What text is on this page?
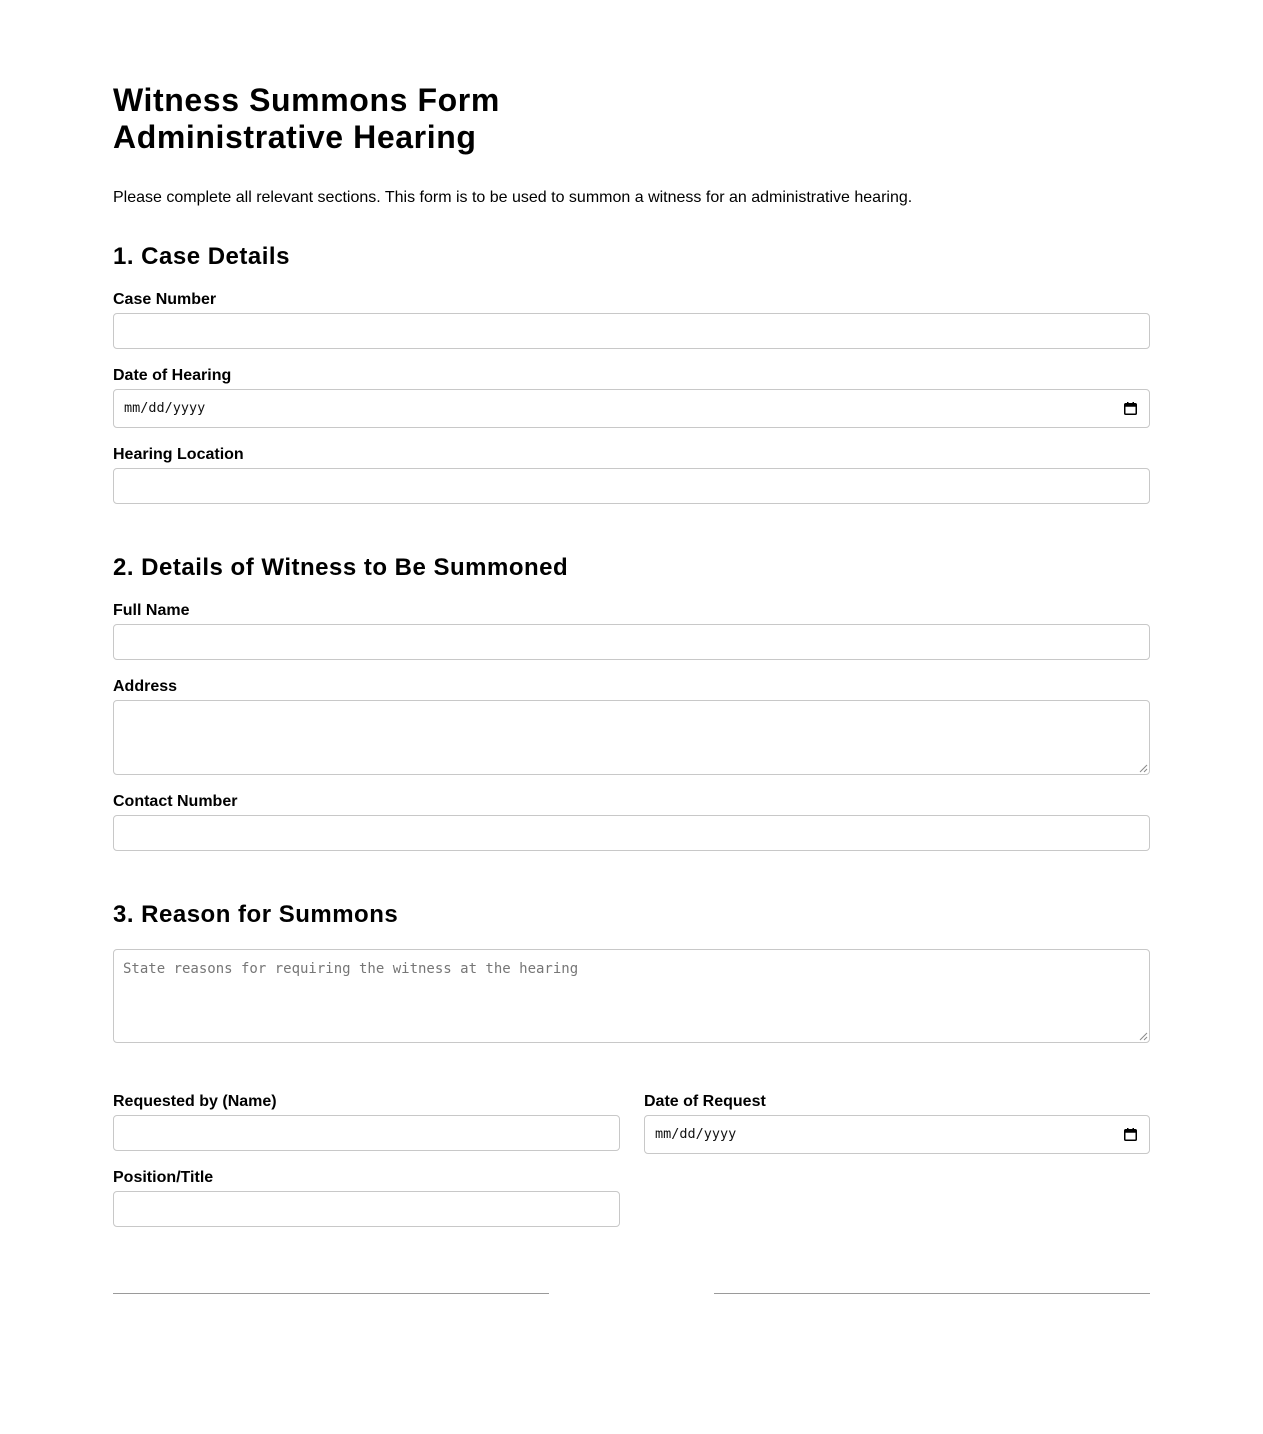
Witness Summons Form
Administrative Hearing

Please complete all relevant sections. This form is to be used to summon a witness for an administrative hearing.

1. Case Details
Case Number
Date of Hearing
mm/dd/yyyy
Hearing Location
2. Details of Witness to Be Summoned
Full Name
Address
Contact Number
3. Reason for Summons
State reasons for requiring the witness at the hearing
Requested by (Name)	Date of Request
mm/dd/yyyy
Position/Title
